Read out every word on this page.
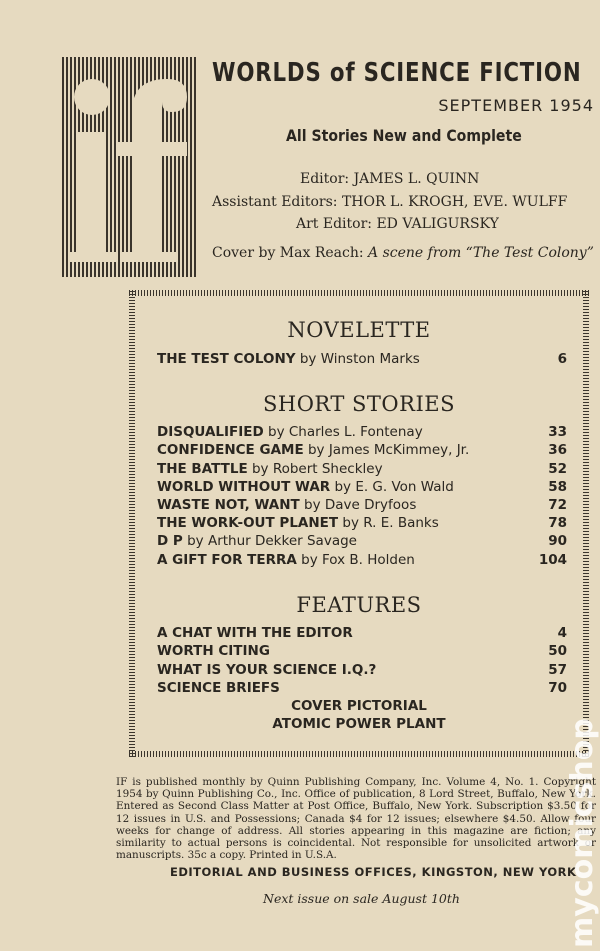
WORLDS of SCIENCE FICTION
SEPTEMBER 1954
All Stories New and Complete
Editor: JAMES L. QUINN
Assistant Editors: THOR L. KROGH, EVE. WULFF
Art Editor: ED VALIGURSKY
Cover by Max Reach: A scene from “The Test Colony”
NOVELETTE
THE TEST COLONY by Winston Marks	6
SHORT STORIES
DISQUALIFIED by Charles L. Fontenay	33
CONFIDENCE GAME by James McKimmey, Jr.	36
THE BATTLE by Robert Sheckley	52
WORLD WITHOUT WAR by E. G. Von Wald	58
WASTE NOT, WANT by Dave Dryfoos	72
THE WORK-OUT PLANET by R. E. Banks	78
D P by Arthur Dekker Savage	90
A GIFT FOR TERRA by Fox B. Holden	104
FEATURES
A CHAT WITH THE EDITOR	4
WORTH CITING	50
WHAT IS YOUR SCIENCE I.Q.?	57
SCIENCE BRIEFS	70
COVER PICTORIAL
ATOMIC POWER PLANT
IF is published monthly by Quinn Publishing Company, Inc. Volume 4, No. 1. Copyright 1954 by Quinn Publishing Co., Inc. Office of publication, 8 Lord Street, Buffalo, New York. Entered as Second Class Matter at Post Office, Buffalo, New York. Subscription $3.50 for 12 issues in U.S. and Possessions; Canada $4 for 12 issues; elsewhere $4.50. Allow four weeks for change of address. All stories appearing in this magazine are fiction; any similarity to actual persons is coincidental. Not responsible for unsolicited artwork or manuscripts. 35c a copy. Printed in U.S.A.
EDITORIAL AND BUSINESS OFFICES, KINGSTON, NEW YORK
Next issue on sale August 10th	mycomicshop
